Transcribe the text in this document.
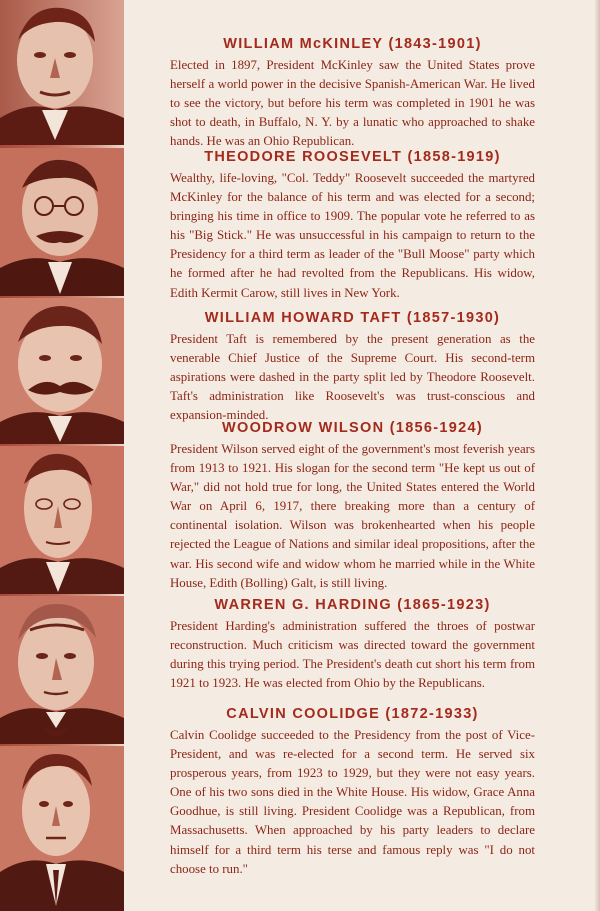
WILLIAM McKINLEY (1843-1901)

Elected in 1897, President McKinley saw the United States prove herself a world power in the decisive Spanish-American War. He lived to see the victory, but before his term was completed in 1901 he was shot to death, in Buffalo, N. Y. by a lunatic who approached to shake hands. He was an Ohio Republican.

THEODORE ROOSEVELT (1858-1919)

Wealthy, life-loving, "Col. Teddy" Roosevelt succeeded the martyred McKinley for the balance of his term and was elected for a second; bringing his time in office to 1909. The popular vote he referred to as his "Big Stick." He was unsuccessful in his campaign to return to the Presidency for a third term as leader of the "Bull Moose" party which he formed after he had revolted from the Republicans. His widow, Edith Kermit Carow, still lives in New York.

WILLIAM HOWARD TAFT (1857-1930)

President Taft is remembered by the present generation as the venerable Chief Justice of the Supreme Court. His second-term aspirations were dashed in the party split led by Theodore Roosevelt. Taft's administration like Roosevelt's was trust-conscious and expansion-minded.

WOODROW WILSON (1856-1924)

President Wilson served eight of the government's most feverish years from 1913 to 1921. His slogan for the second term "He kept us out of War," did not hold true for long, the United States entered the World War on April 6, 1917, there breaking more than a century of continental isolation. Wilson was brokenhearted when his people rejected the League of Nations and similar ideal propositions, after the war. His second wife and widow whom he married while in the White House, Edith (Bolling) Galt, is still living.

WARREN G. HARDING (1865-1923)

President Harding's administration suffered the throes of postwar reconstruction. Much criticism was directed toward the government during this trying period. The President's death cut short his term from 1921 to 1923. He was elected from Ohio by the Republicans.

CALVIN COOLIDGE (1872-1933)

Calvin Coolidge succeeded to the Presidency from the post of Vice-President, and was re-elected for a second term. He served six prosperous years, from 1923 to 1929, but they were not easy years. One of his two sons died in the White House. His widow, Grace Anna Goodhue, is still living. President Coolidge was a Republican, from Massachusetts. When approached by his party leaders to declare himself for a third term his terse and famous reply was "I do not choose to run."
